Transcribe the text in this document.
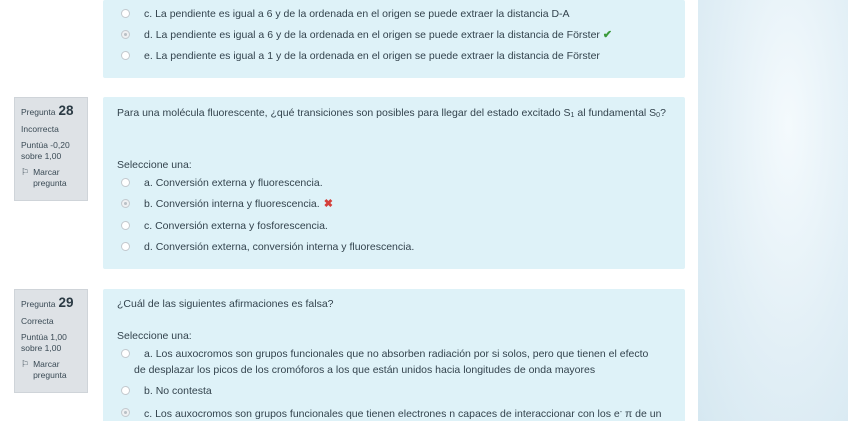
c. La pendiente es igual a 6 y de la ordenada en el origen se puede extraer la distancia D-A
d. La pendiente es igual a 6 y de la ordenada en el origen se puede extraer la distancia de Förster ✔
e. La pendiente es igual a 1 y de la ordenada en el origen se puede extraer la distancia de Förster
Pregunta 28
Incorrecta
Puntúa -0,20
sobre 1,00
⚐ Marcar pregunta
Para una molécula fluorescente, ¿qué transiciones son posibles para llegar del estado excitado $S_1$ al fundamental $S_0$?
Seleccione una:
a. Conversión externa y fluorescencia.
b. Conversión interna y fluorescencia. ✖
c. Conversión externa y fosforescencia.
d. Conversión externa, conversión interna y fluorescencia.
Pregunta 29
Correcta
Puntúa 1,00
sobre 1,00
⚐ Marcar pregunta
¿Cuál de las siguientes afirmaciones es falsa?
Seleccione una:
a. Los auxocromos son grupos funcionales que no absorben radiación por si solos, pero que tienen el efecto de desplazar los picos de los cromóforos a los que están unidos hacia longitudes de onda mayores
b. No contesta
c. Los auxocromos son grupos funcionales que tienen electrones n capaces de interaccionar con los e- π de un
